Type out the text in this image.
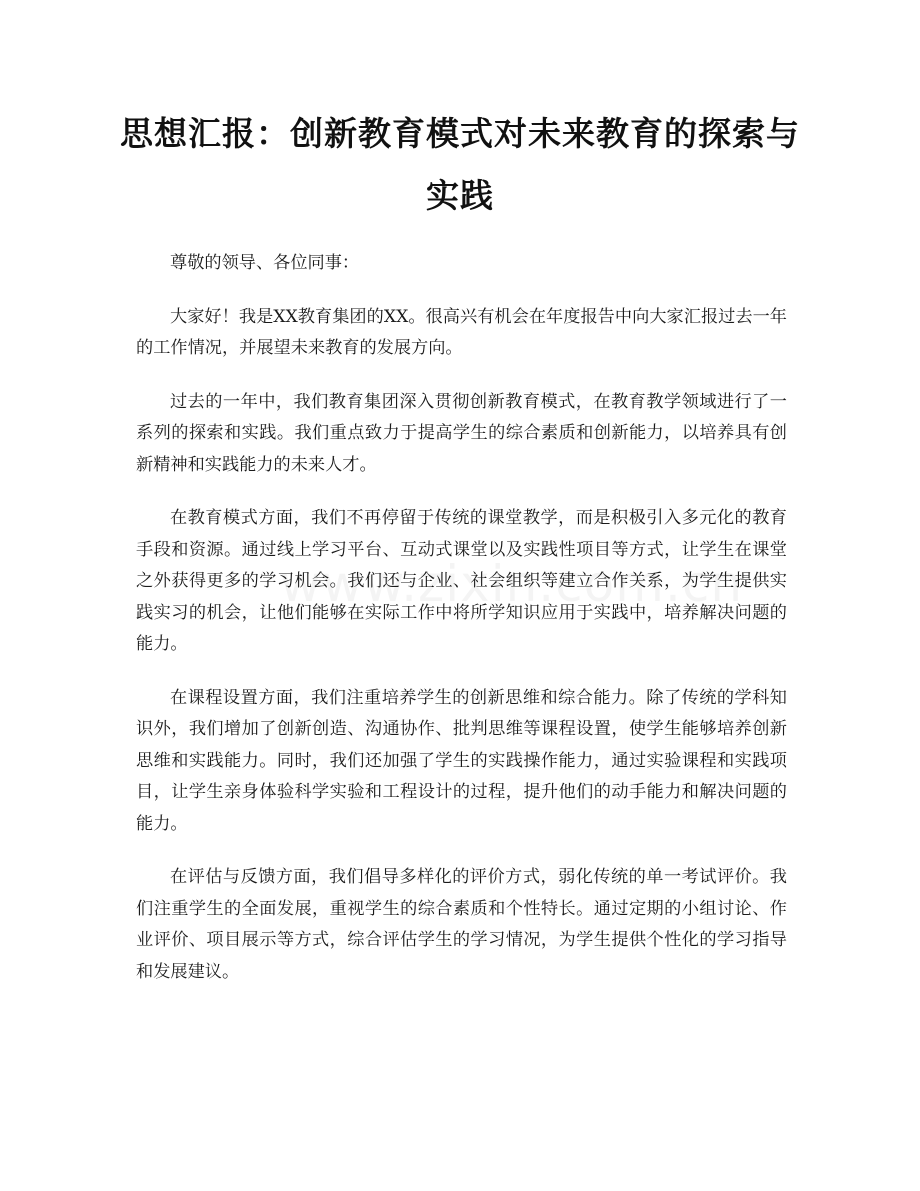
思想汇报：创新教育模式对未来教育的探索与实践

尊敬的领导、各位同事：

大家好！我是XX教育集团的XX。很高兴有机会在年度报告中向大家汇报过去一年的工作情况，并展望未来教育的发展方向。

过去的一年中，我们教育集团深入贯彻创新教育模式，在教育教学领域进行了一系列的探索和实践。我们重点致力于提高学生的综合素质和创新能力，以培养具有创新精神和实践能力的未来人才。

在教育模式方面，我们不再停留于传统的课堂教学，而是积极引入多元化的教育手段和资源。通过线上学习平台、互动式课堂以及实践性项目等方式，让学生在课堂之外获得更多的学习机会。我们还与企业、社会组织等建立合作关系，为学生提供实践实习的机会，让他们能够在实际工作中将所学知识应用于实践中，培养解决问题的能力。

在课程设置方面，我们注重培养学生的创新思维和综合能力。除了传统的学科知识外，我们增加了创新创造、沟通协作、批判思维等课程设置，使学生能够培养创新思维和实践能力。同时，我们还加强了学生的实践操作能力，通过实验课程和实践项目，让学生亲身体验科学实验和工程设计的过程，提升他们的动手能力和解决问题的能力。

在评估与反馈方面，我们倡导多样化的评价方式，弱化传统的单一考试评价。我们注重学生的全面发展，重视学生的综合素质和个性特长。通过定期的小组讨论、作业评价、项目展示等方式，综合评估学生的学习情况，为学生提供个性化的学习指导和发展建议。
